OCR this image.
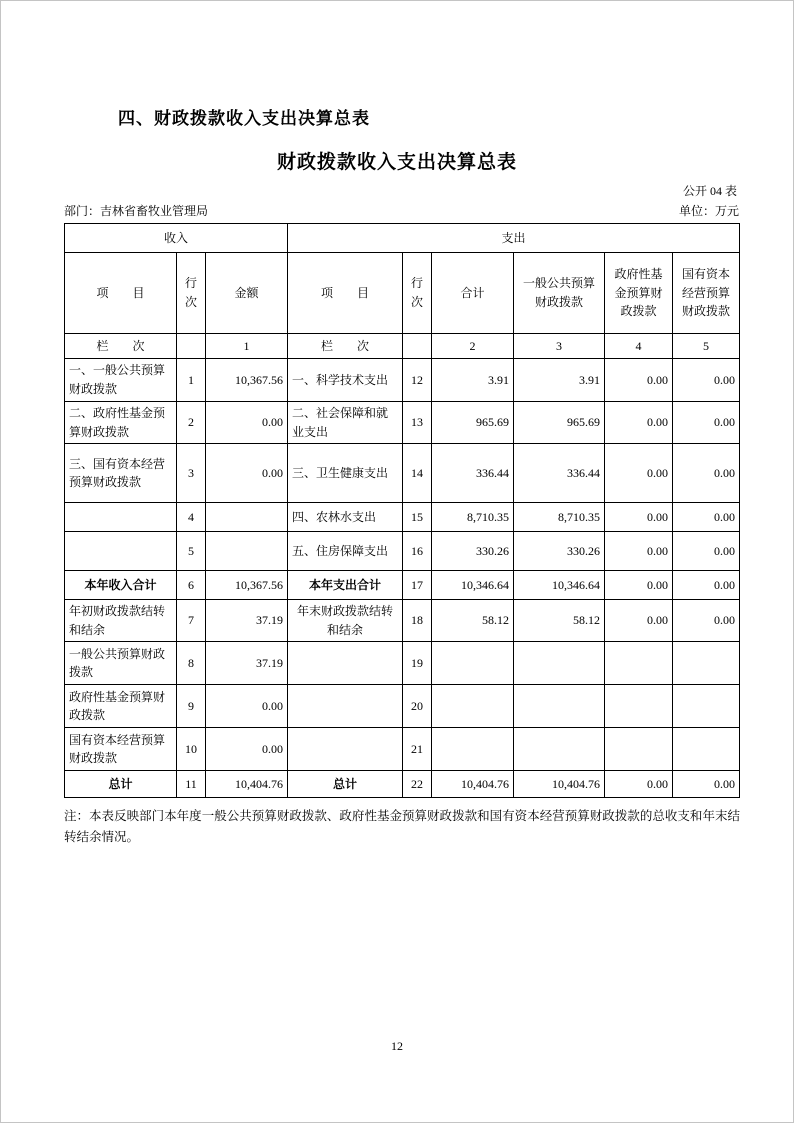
四、财政拨款收入支出决算总表
财政拨款收入支出决算总表
公开 04 表
部门：吉林省畜牧业管理局	单位：万元
收入			支出					
项　　目	行次	金额	项　　目	行次	合计	一般公共预算财政拨款	政府性基金预算财政拨款	国有资本经营预算财政拨款
栏　　次		1	栏　　次		2	3	4	5
一、一般公共预算财政拨款	1	10,367.56	一、科学技术支出	12	3.91	3.91	0.00	0.00
二、政府性基金预算财政拨款	2	0.00	二、社会保障和就业支出	13	965.69	965.69	0.00	0.00
三、国有资本经营预算财政拨款	3	0.00	三、卫生健康支出	14	336.44	336.44	0.00	0.00
	4		四、农林水支出	15	8,710.35	8,710.35	0.00	0.00
	5		五、住房保障支出	16	330.26	330.26	0.00	0.00
本年收入合计	6	10,367.56	本年支出合计	17	10,346.64	10,346.64	0.00	0.00
年初财政拨款结转和结余	7	37.19	年末财政拨款结转和结余	18	58.12	58.12	0.00	0.00
一般公共预算财政拨款	8	37.19		19				
政府性基金预算财政拨款	9	0.00		20				
国有资本经营预算财政拨款	10	0.00		21				
总计	11	10,404.76	总计	22	10,404.76	10,404.76	0.00	0.00
注：本表反映部门本年度一般公共预算财政拨款、政府性基金预算财政拨款和国有资本经营预算财政拨款的总收支和年末结转结余情况。
12
